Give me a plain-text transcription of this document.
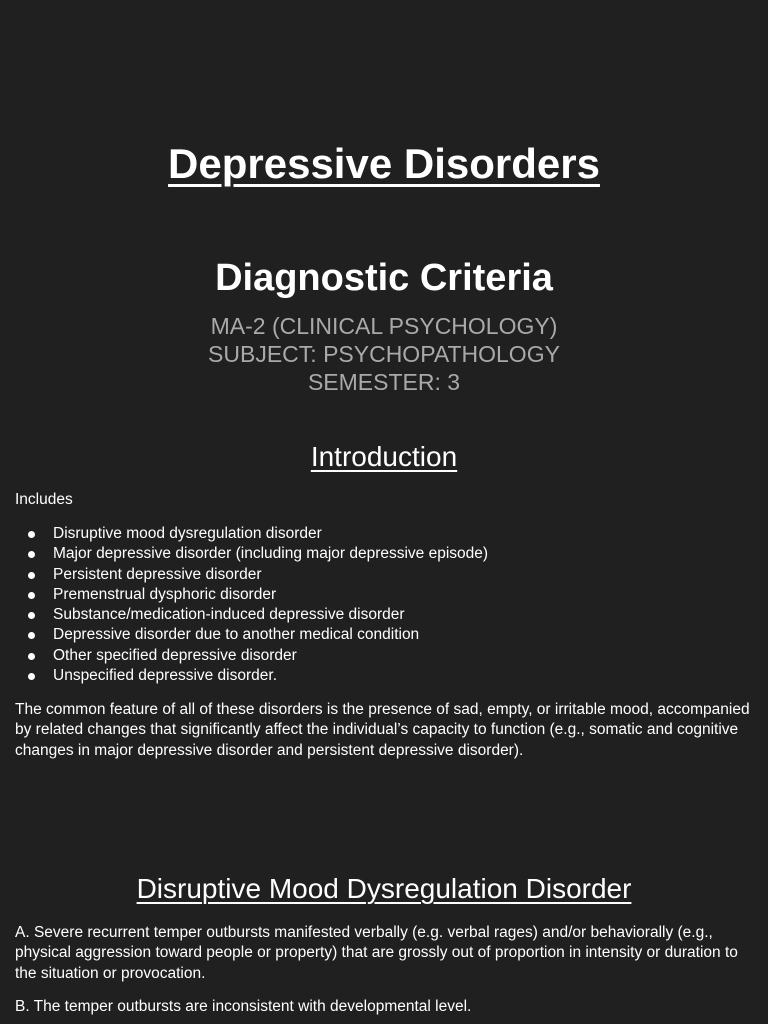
Depressive Disorders
Diagnostic Criteria
MA-2 (CLINICAL PSYCHOLOGY)
SUBJECT: PSYCHOPATHOLOGY
SEMESTER: 3
Introduction

Includes

Disruptive mood dysregulation disorder
Major depressive disorder (including major depressive episode)
Persistent depressive disorder
Premenstrual dysphoric disorder
Substance/medication-induced depressive disorder
Depressive disorder due to another medical condition
Other specified depressive disorder
Unspecified depressive disorder.

The common feature of all of these disorders is the presence of sad, empty, or irritable mood, accompanied by related changes that significantly affect the individual’s capacity to function (e.g., somatic and cognitive changes in major depressive disorder and persistent depressive disorder).

Disruptive Mood Dysregulation Disorder

A. Severe recurrent temper outbursts manifested verbally (e.g. verbal rages) and/or behaviorally (e.g., physical aggression toward people or property) that are grossly out of proportion in intensity or duration to the situation or provocation.

B. The temper outbursts are inconsistent with developmental level.
